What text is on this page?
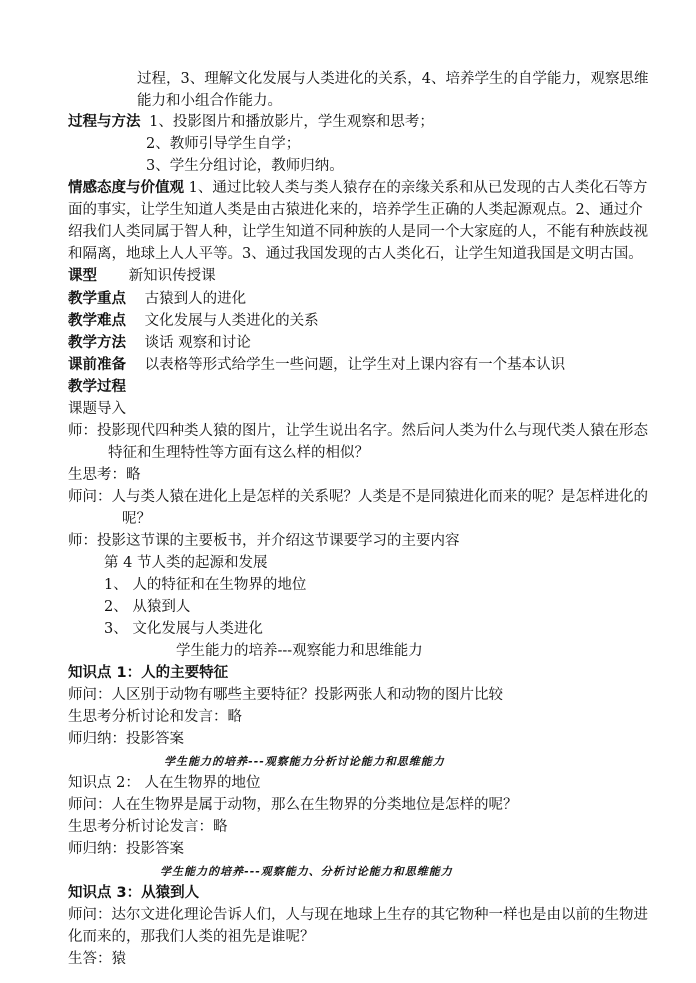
过程，3、理解文化发展与人类进化的关系，4、培养学生的自学能力，观察思维
能力和小组合作能力。
过程与方法 1、投影图片和播放影片，学生观察和思考；
2、教师引导学生自学；
3、学生分组讨论，教师归纳。
情感态度与价值观 1、通过比较人类与类人猿存在的亲缘关系和从已发现的古人类化石等方
面的事实，让学生知道人类是由古猿进化来的，培养学生正确的人类起源观点。2、通过介
绍我们人类同属于智人种，让学生知道不同种族的人是同一个大家庭的人，不能有种族歧视
和隔离，地球上人人平等。3、通过我国发现的古人类化石，让学生知道我国是文明古国。
课型 新知识传授课
教学重点 古猿到人的进化
教学难点 文化发展与人类进化的关系
教学方法 谈话 观察和讨论
课前准备 以表格等形式给学生一些问题，让学生对上课内容有一个基本认识
教学过程
课题导入
师：投影现代四种类人猿的图片，让学生说出名字。然后问人类为什么与现代类人猿在形态
特征和生理特性等方面有这么样的相似？
生思考：略
师问：人与类人猿在进化上是怎样的关系呢？人类是不是同猿进化而来的呢？是怎样进化的
呢？
师：投影这节课的主要板书，并介绍这节课要学习的主要内容
第 4 节人类的起源和发展
1、 人的特征和在生物界的地位
2、 从猿到人
3、 文化发展与人类进化
学生能力的培养---观察能力和思维能力
知识点 1：人的主要特征
师问：人区别于动物有哪些主要特征？投影两张人和动物的图片比较
生思考分析讨论和发言：略
师归纳：投影答案
学生能力的培养---观察能力分析讨论能力和思维能力
知识点 2： 人在生物界的地位
师问：人在生物界是属于动物，那么在生物界的分类地位是怎样的呢？
生思考分析讨论发言：略
师归纳：投影答案
学生能力的培养---观察能力、分析讨论能力和思维能力
知识点 3：从猿到人
师问：达尔文进化理论告诉人们，人与现在地球上生存的其它物种一样也是由以前的生物进
化而来的，那我们人类的祖先是谁呢？
生答：猿
